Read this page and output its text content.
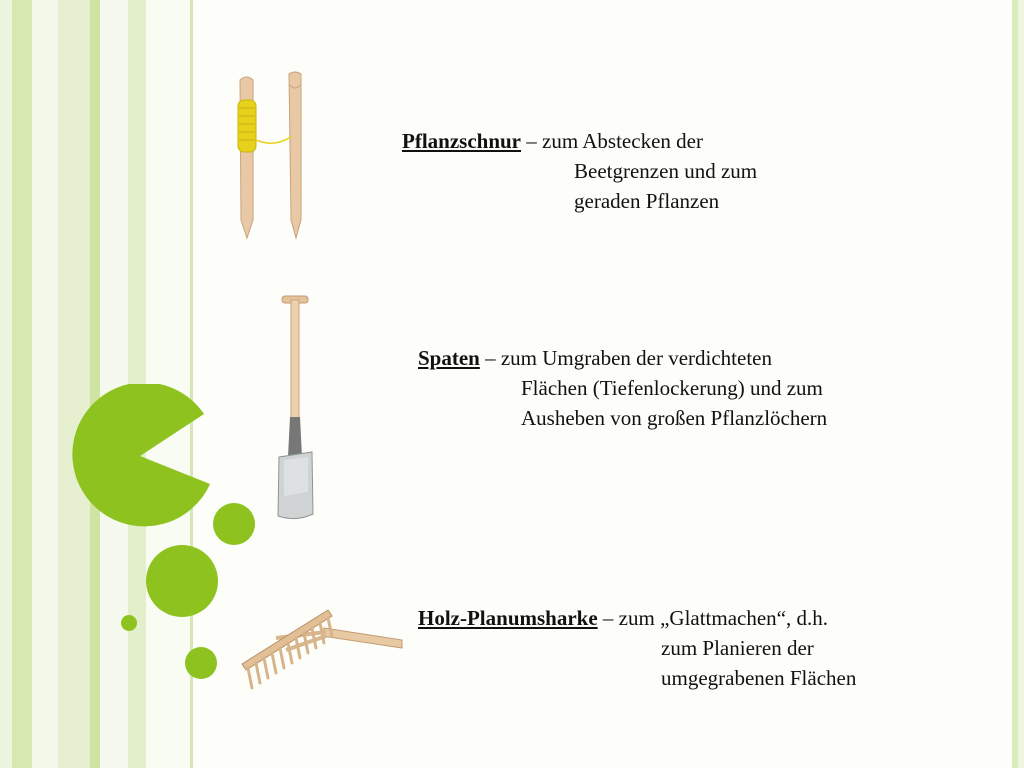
Pflanzschnur – zum Abstecken der
Beetgrenzen und zum
geraden Pflanzen
Spaten – zum Umgraben der verdichteten
Flächen (Tiefenlockerung) und zum
Ausheben von großen Pflanzlöchern
Holz-Planumsharke – zum „Glattmachen“, d.h.
zum Planieren der
umgegrabenen Flächen
